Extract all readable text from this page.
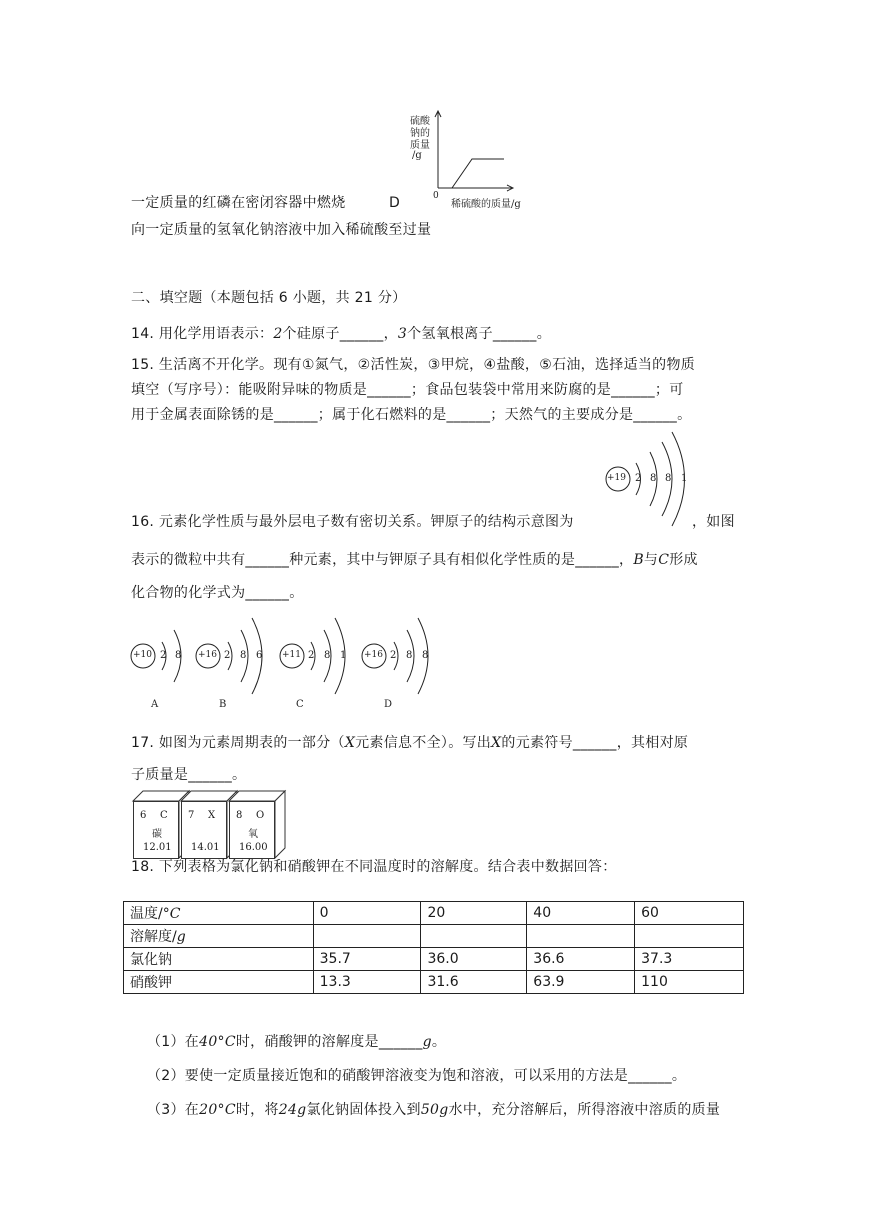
硫酸
钠的
质量
/g
0
稀硫酸的质量/g
一定质量的红磷在密闭容器中燃烧	D
向一定质量的氢氧化钠溶液中加入稀硫酸至过量
二、填空题（本题包括 6 小题，共 21 分）
14. 用化学用语表示：2个硅原子______，3个氢氧根离子______。
15. 生活离不开化学。现有①氮气，②活性炭，③甲烷，④盐酸，⑤石油，选择适当的物质
填空（写序号）：能吸附异味的物质是______；食品包装袋中常用来防腐的是______；可
用于金属表面除锈的是______；属于化石燃料的是______；天然气的主要成分是______。
+19 2 8 8 1
16. 元素化学性质与最外层电子数有密切关系。钾原子的结构示意图为	，如图
表示的微粒中共有______种元素，其中与钾原子具有相似化学性质的是______，B与C形成
化合物的化学式为______。
+10 2 8 +16 2 8 6 +11 2 8 1 +16 2 8 8
A	B	C	D
17. 如图为元素周期表的一部分（X元素信息不全）。写出X的元素符号______，其相对原
子质量是______。
6 C
碳
12.01
7 X
14.01
8 O
氧
16.00
18. 下列表格为氯化钠和硝酸钾在不同温度时的溶解度。结合表中数据回答：
温度/°C	0	20	40	60
溶解度/g				
氯化钠	35.7	36.0	36.6	37.3
硝酸钾	13.3	31.6	63.9	110
（1）在40°C时，硝酸钾的溶解度是______g。
（2）要使一定质量接近饱和的硝酸钾溶液变为饱和溶液，可以采用的方法是______。
（3）在20°C时，将24g氯化钠固体投入到50g水中，充分溶解后，所得溶液中溶质的质量
